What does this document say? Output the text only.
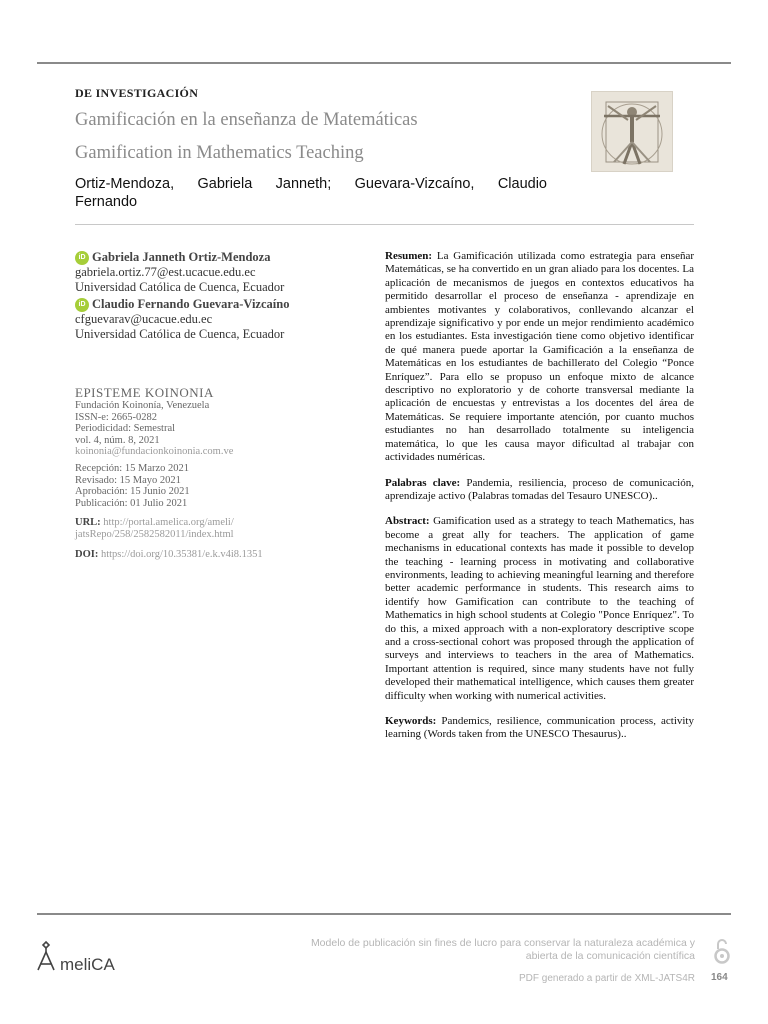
DE INVESTIGACIÓN
Gamificación en la enseñanza de Matemáticas
Gamification in Mathematics Teaching
Ortiz-Mendoza, Gabriela Janneth; Guevara-Vizcaíno, Claudio
Fernando
iD Gabriela Janneth Ortiz-Mendoza
gabriela.ortiz.77@est.ucacue.edu.ec
Universidad Católica de Cuenca, Ecuador
iD Claudio Fernando Guevara-Vizcaíno
cfguevarav@ucacue.edu.ec
Universidad Católica de Cuenca, Ecuador
EPISTEME KOINONIA
Fundación Koinonía, Venezuela
ISSN-e: 2665-0282
Periodicidad: Semestral
vol. 4, núm. 8, 2021
koinonia@fundacionkoinonia.com.ve
Recepción: 15 Marzo 2021
Revisado: 15 Mayo 2021
Aprobación: 15 Junio 2021
Publicación: 01 Julio 2021
URL: http://portal.amelica.org/ameli/
jatsRepo/258/2582582011/index.html
DOI: https://doi.org/10.35381/e.k.v4i8.1351

Resumen: La Gamificación utilizada como estrategia para enseñar Matemáticas, se ha convertido en un gran aliado para los docentes. La aplicación de mecanismos de juegos en contextos educativos ha permitido desarrollar el proceso de enseñanza - aprendizaje en ambientes motivantes y colaborativos, conllevando alcanzar el aprendizaje significativo y por ende un mejor rendimiento académico en los estudiantes. Esta investigación tiene como objetivo identificar de qué manera puede aportar la Gamificación a la enseñanza de Matemáticas en los estudiantes de bachillerato del Colegio “Ponce Enríquez”. Para ello se propuso un enfoque mixto de alcance descriptivo no exploratorio y de cohorte transversal mediante la aplicación de encuestas y entrevistas a los docentes del área de Matemáticas. Se requiere importante atención, por cuanto muchos estudiantes no han desarrollado totalmente su inteligencia matemática, lo que les causa mayor dificultad al trabajar con actividades numéricas.

Palabras clave: Pandemia, resiliencia, proceso de comunicación, aprendizaje activo (Palabras tomadas del Tesauro UNESCO)..

Abstract: Gamification used as a strategy to teach Mathematics, has become a great ally for teachers. The application of game mechanisms in educational contexts has made it possible to develop the teaching - learning process in motivating and collaborative environments, leading to achieving meaningful learning and therefore better academic performance in students. This research aims to identify how Gamification can contribute to the teaching of Mathematics in high school students at Colegio "Ponce Enríquez". To do this, a mixed approach with a non-exploratory descriptive scope and a cross-sectional cohort was proposed through the application of surveys and interviews to teachers in the area of Mathematics. Important attention is required, since many students have not fully developed their mathematical intelligence, which causes them greater difficulty when working with numerical activities.

Keywords: Pandemics, resilience, communication process, activity learning (Words taken from the UNESCO Thesaurus)..

meliCA
Modelo de publicación sin fines de lucro para conservar la naturaleza académica y
abierta de la comunicación científica
PDF generado a partir de XML-JATS4R 164
